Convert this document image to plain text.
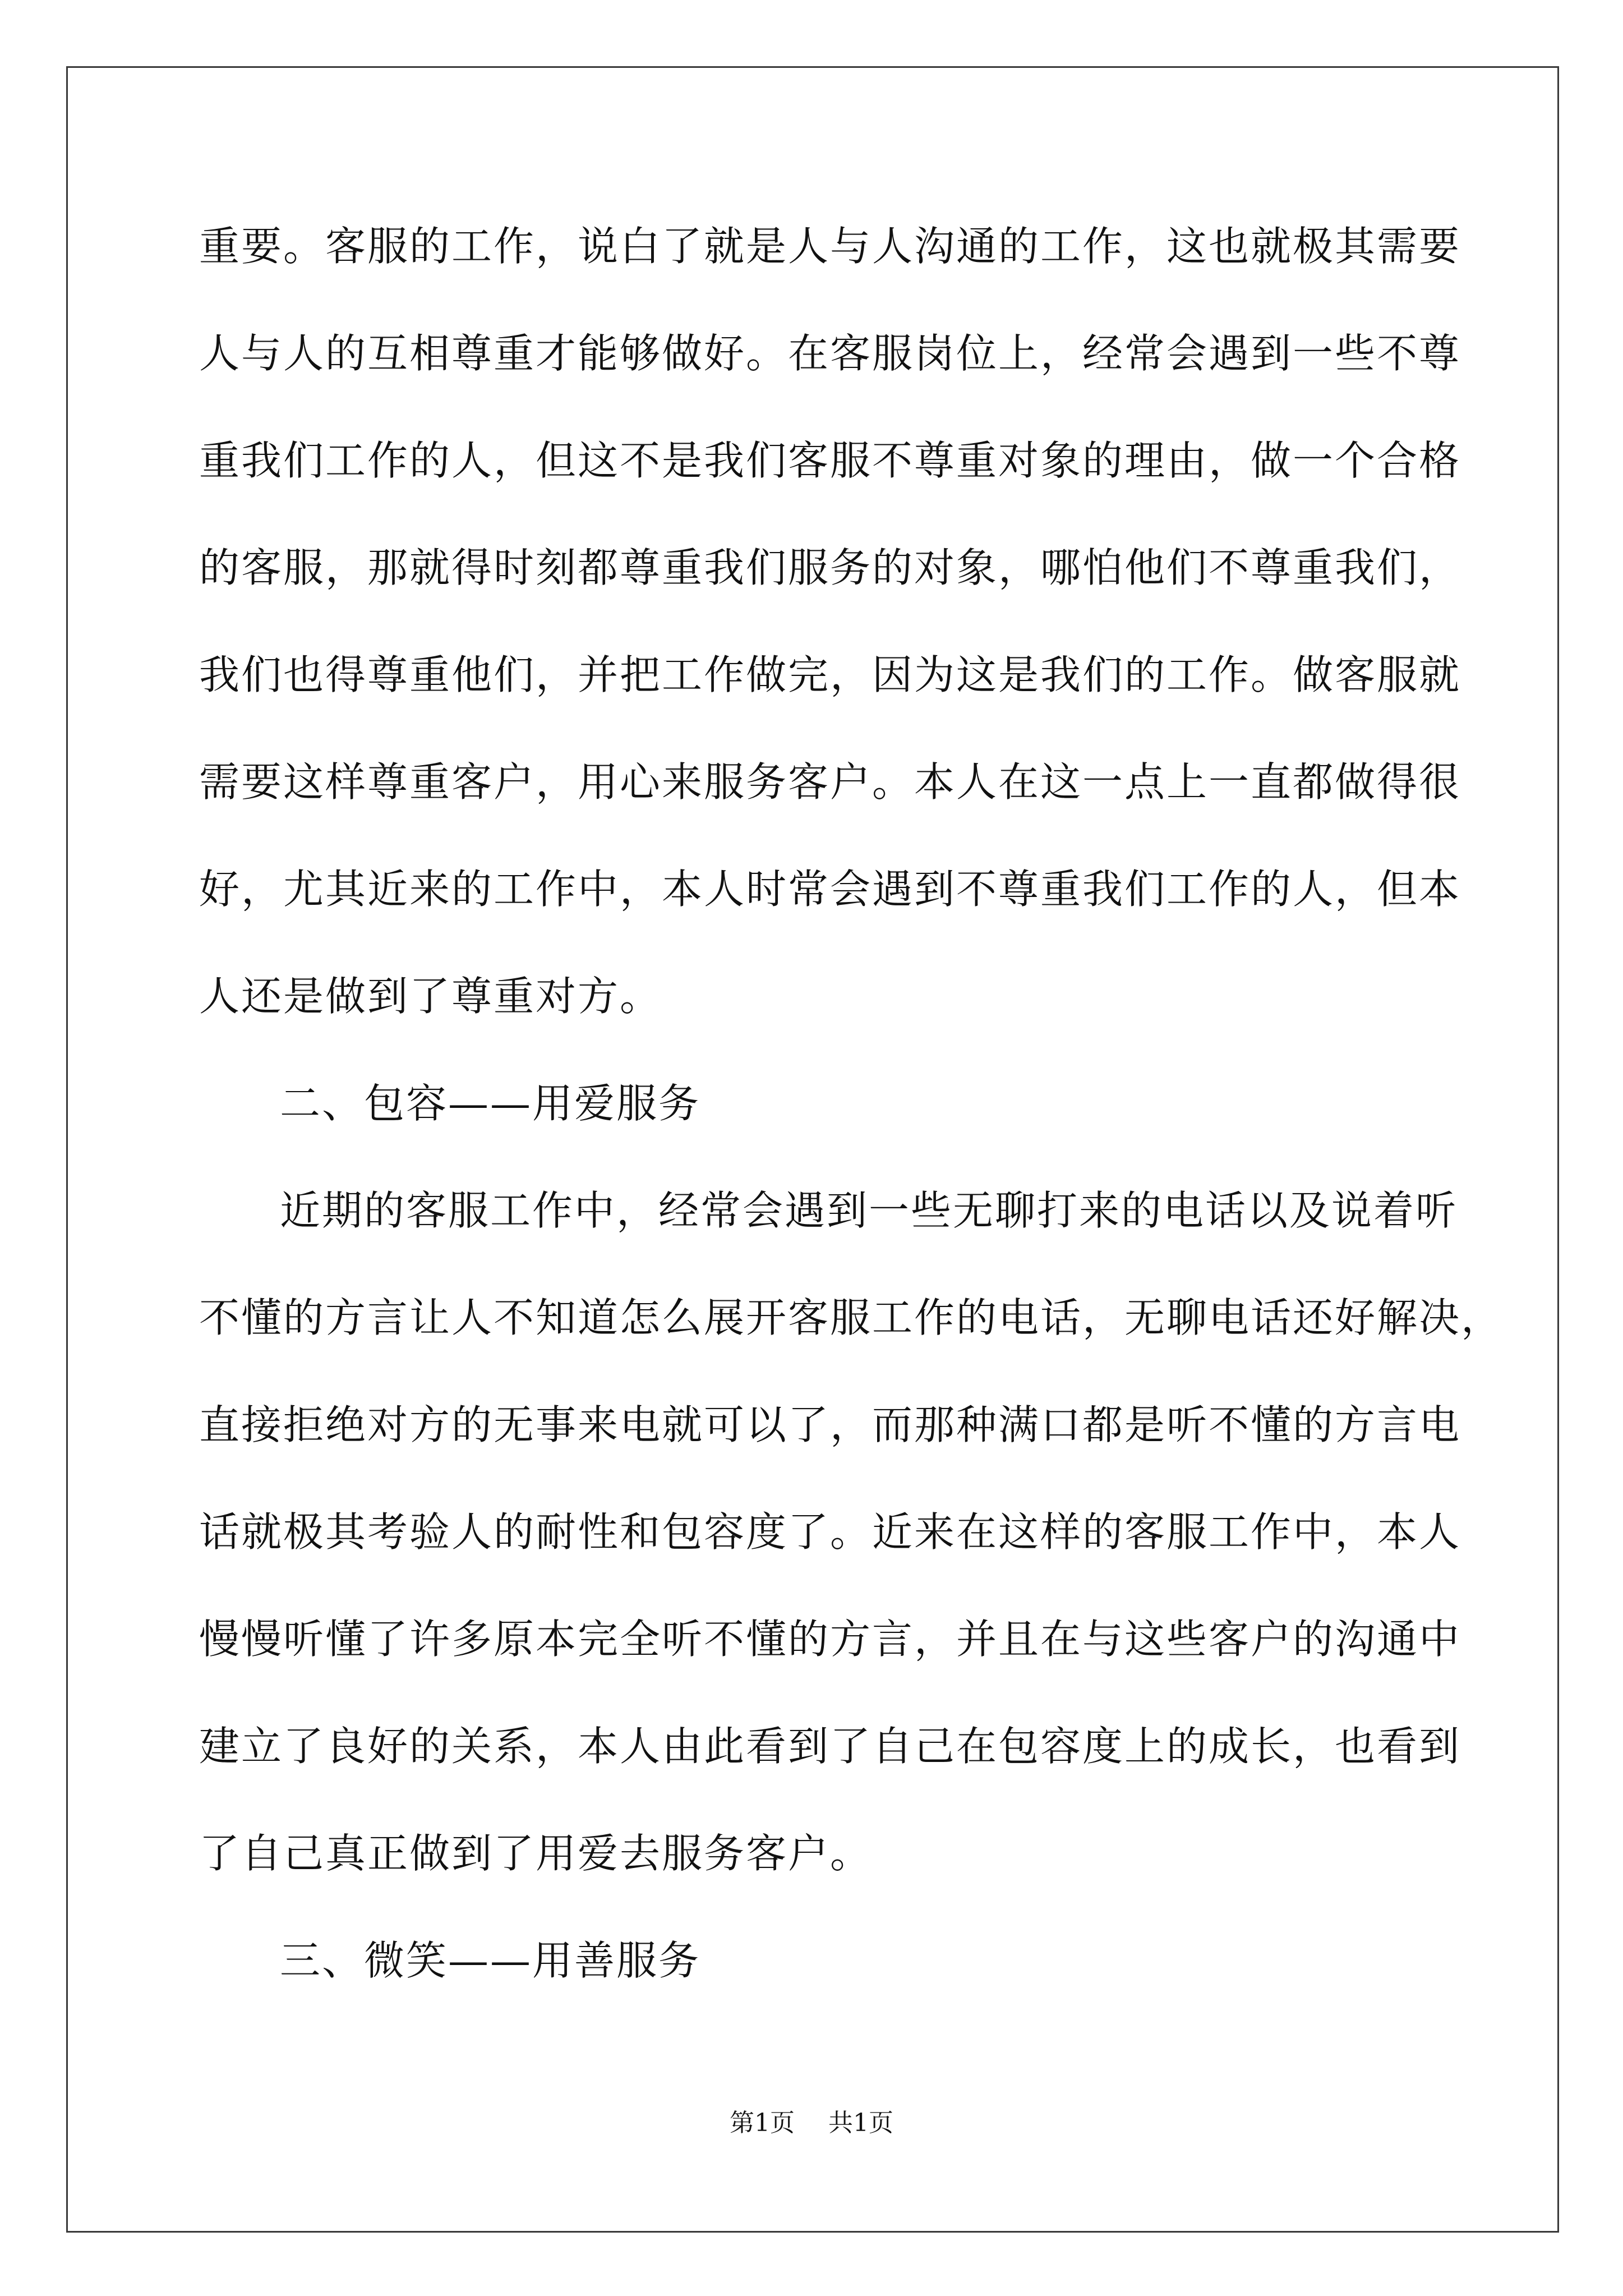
重要。客服的工作，说白了就是人与人沟通的工作，这也就极其需要
人与人的互相尊重才能够做好。在客服岗位上，经常会遇到一些不尊
重我们工作的人，但这不是我们客服不尊重对象的理由，做一个合格
的客服，那就得时刻都尊重我们服务的对象，哪怕他们不尊重我们，
我们也得尊重他们，并把工作做完，因为这是我们的工作。做客服就
需要这样尊重客户，用心来服务客户。本人在这一点上一直都做得很
好，尤其近来的工作中，本人时常会遇到不尊重我们工作的人，但本
人还是做到了尊重对方。
二、包容——用爱服务
近期的客服工作中，经常会遇到一些无聊打来的电话以及说着听
不懂的方言让人不知道怎么展开客服工作的电话，无聊电话还好解决，
直接拒绝对方的无事来电就可以了，而那种满口都是听不懂的方言电
话就极其考验人的耐性和包容度了。近来在这样的客服工作中，本人
慢慢听懂了许多原本完全听不懂的方言，并且在与这些客户的沟通中
建立了良好的关系，本人由此看到了自己在包容度上的成长，也看到
了自己真正做到了用爱去服务客户。
三、微笑——用善服务
第1页 共1页
